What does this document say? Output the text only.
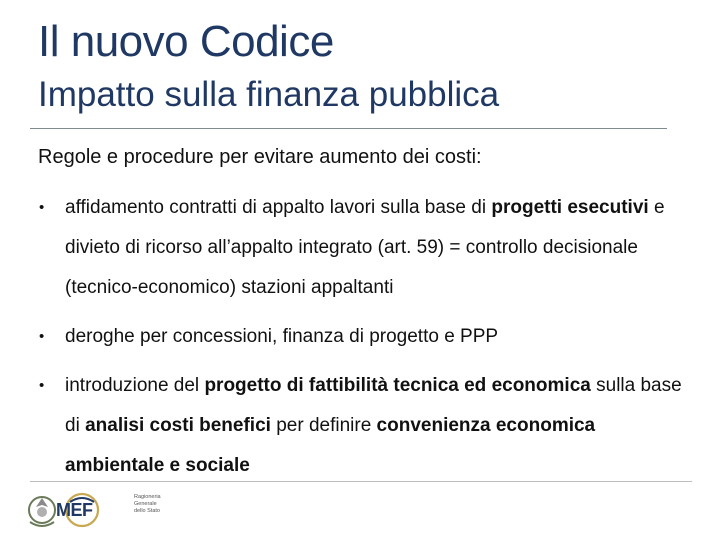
Il nuovo Codice
Impatto sulla finanza pubblica
Regole e procedure per evitare aumento dei costi:
• affidamento contratti di appalto lavori sulla base di progetti esecutivi e divieto di ricorso all’appalto integrato (art. 59) = controllo decisionale (tecnico-economico) stazioni appaltanti
• deroghe per concessioni, finanza di progetto e PPP
• introduzione del progetto di fattibilità tecnica ed economica sulla base di analisi costi benefici per definire convenienza economica ambientale e sociale
MEF
Ragioneria
Generale
dello Stato
